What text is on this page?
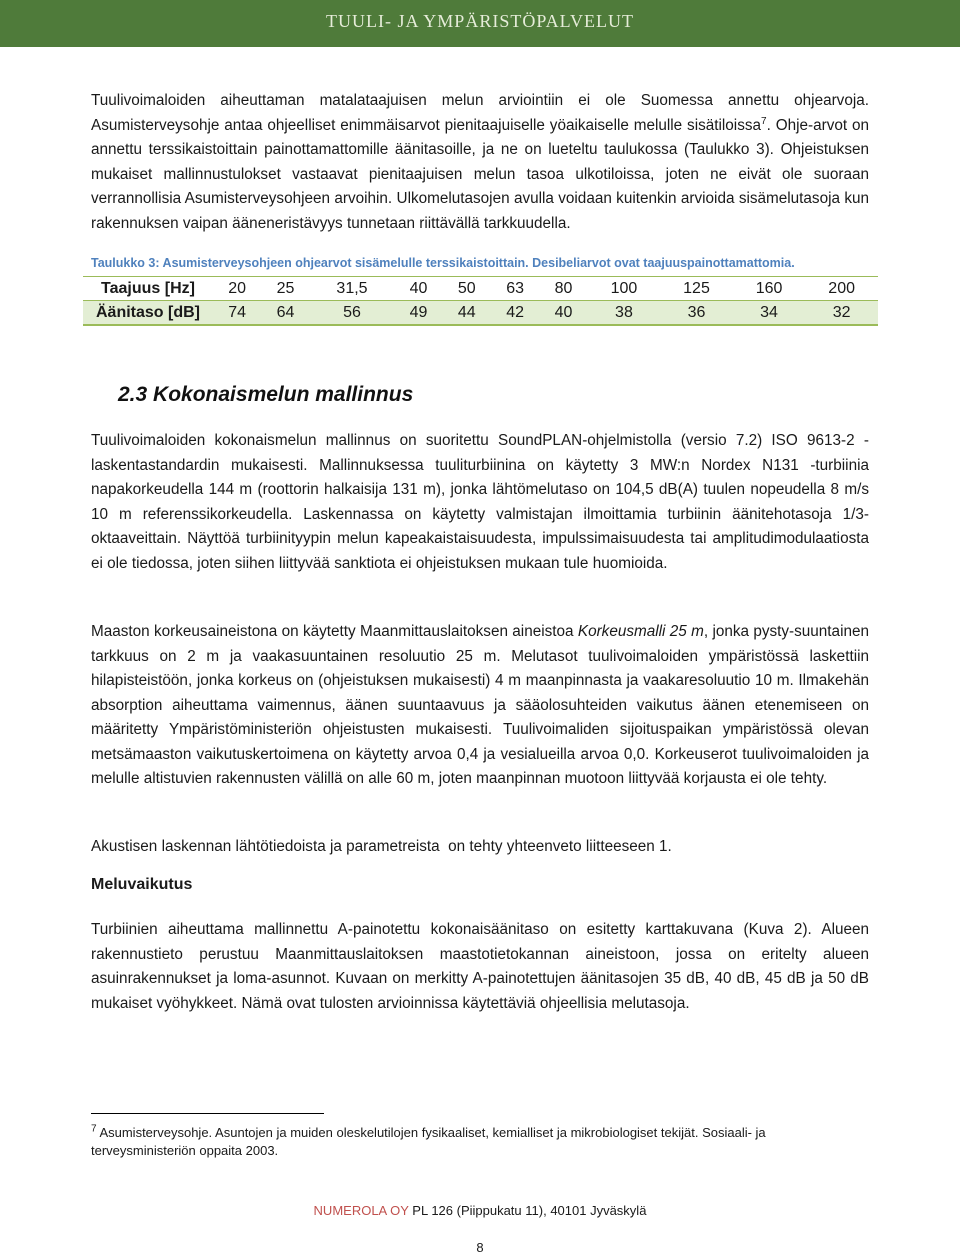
TUULI- JA YMPÄRISTÖPALVELUT

Tuulivoimaloiden aiheuttaman matalataajuisen melun arviointiin ei ole Suomessa annettu ohjearvoja. Asumisterveysohje antaa ohjeelliset enimmäisarvot pienitaajuiselle yöaikaiselle melulle sisätiloissa$^7$. Ohje-arvot on annettu terssikaistoittain painottamattomille äänitasoille, ja ne on lueteltu taulukossa (Taulukko 3). Ohjeistuksen mukaiset mallinnustulokset vastaavat pienitaajuisen melun tasoa ulkotiloissa, joten ne eivät ole suoraan verrannollisia Asumisterveysohjeen arvoihin. Ulkomelutasojen avulla voidaan kuitenkin arvioida sisämelutasoja kun rakennuksen vaipan ääneneristävyys tunnetaan riittävällä tarkkuudella.

Taulukko 3: Asumisterveysohjeen ohjearvot sisämelulle terssikaistoittain. Desibeliarvot ovat taajuuspainottamattomia.
Taajuus [Hz]	20	25	31,5	40	50	63	80	100	125	160	200
Äänitaso [dB]	74	64	56	49	44	42	40	38	36	34	32
2.3 Kokonaismelun mallinnus

Tuulivoimaloiden kokonaismelun mallinnus on suoritettu SoundPLAN-ohjelmistolla (versio 7.2) ISO 9613-2 -laskentastandardin mukaisesti. Mallinnuksessa tuuliturbiinina on käytetty 3 MW:n Nordex N131 -turbiinia napakorkeudella 144 m (roottorin halkaisija 131 m), jonka lähtömelutaso on 104,5 dB(A) tuulen nopeudella 8 m/s 10 m referenssikorkeudella. Laskennassa on käytetty valmistajan ilmoittamia turbiinin äänitehotasoja 1/3-oktaaveittain. Näyttöä turbiinityypin melun kapeakaistaisuudesta, impulssimaisuudesta tai amplitudimodulaatiosta ei ole tiedossa, joten siihen liittyvää sanktiota ei ohjeistuksen mukaan tule huomioida.

Maaston korkeusaineistona on käytetty Maanmittauslaitoksen aineistoa Korkeusmalli 25 m, jonka pysty-suuntainen tarkkuus on 2 m ja vaakasuuntainen resoluutio 25 m. Melutasot tuulivoimaloiden ympäristössä laskettiin hilapisteistöön, jonka korkeus on (ohjeistuksen mukaisesti) 4 m maanpinnasta ja vaakaresoluutio 10 m. Ilmakehän absorption aiheuttama vaimennus, äänen suuntaavuus ja sääolosuhteiden vaikutus äänen etenemiseen on määritetty Ympäristöministeriön ohjeistusten mukaisesti. Tuulivoimaliden sijoituspaikan ympäristössä olevan metsämaaston vaikutuskertoimena on käytetty arvoa 0,4 ja vesialueilla arvoa 0,0. Korkeuserot tuulivoimaloiden ja melulle altistuvien rakennusten välillä on alle 60 m, joten maanpinnan muotoon liittyvää korjausta ei ole tehty.

Akustisen laskennan lähtötiedoista ja parametreista  on tehty yhteenveto liitteeseen 1.

Meluvaikutus

Turbiinien aiheuttama mallinnettu A-painotettu kokonaisäänitaso on esitetty karttakuvana (Kuva 2). Alueen rakennustieto perustuu Maanmittauslaitoksen maastotietokannan aineistoon, jossa on eritelty alueen asuinrakennukset ja loma-asunnot. Kuvaan on merkitty A-painotettujen äänitasojen 35 dB, 40 dB, 45 dB ja 50 dB mukaiset vyöhykkeet. Nämä ovat tulosten arvioinnissa käytettäviä ohjeellisia melutasoja.

$^7$ Asumisterveysohje. Asuntojen ja muiden oleskelutilojen fysikaaliset, kemialliset ja mikrobiologiset tekijät. Sosiaali- ja terveysministeriön oppaita 2003.
NUMEROLA OY PL 126 (Piippukatu 11), 40101 Jyväskylä
8
